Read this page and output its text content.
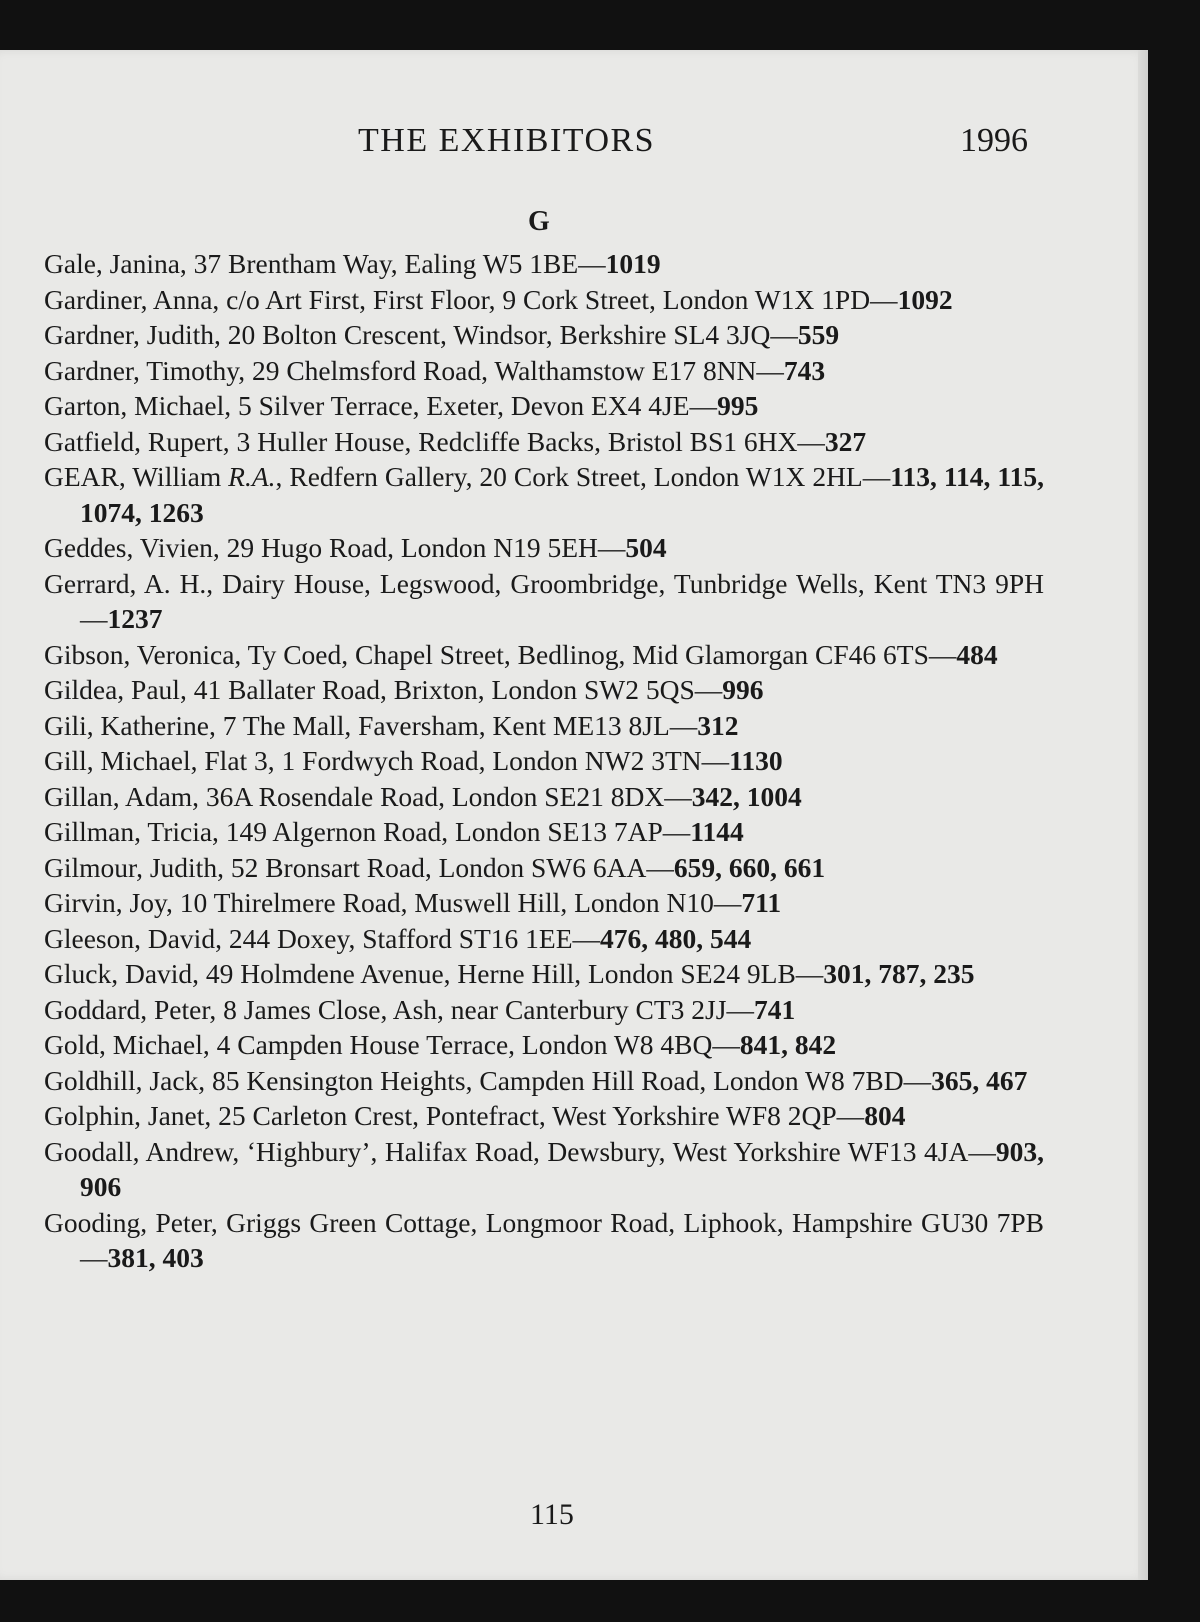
THE EXHIBITORS	1996
G

Gale, Janina, 37 Brentham Way, Ealing W5 1BE—1019

Gardiner, Anna, c/o Art First, First Floor, 9 Cork Street, London W1X 1PD—1092

Gardner, Judith, 20 Bolton Crescent, Windsor, Berkshire SL4 3JQ—559

Gardner, Timothy, 29 Chelmsford Road, Walthamstow E17 8NN—743

Garton, Michael, 5 Silver Terrace, Exeter, Devon EX4 4JE—995

Gatfield, Rupert, 3 Huller House, Redcliffe Backs, Bristol BS1 6HX—327

GEAR, William R.A., Redfern Gallery, 20 Cork Street, London W1X 2HL—113, 114, 115, 1074, 1263

Geddes, Vivien, 29 Hugo Road, London N19 5EH—504

Gerrard, A. H., Dairy House, Legswood, Groombridge, Tunbridge Wells, Kent TN3 9PH—1237

Gibson, Veronica, Ty Coed, Chapel Street, Bedlinog, Mid Glamorgan CF46 6TS—484

Gildea, Paul, 41 Ballater Road, Brixton, London SW2 5QS—996

Gili, Katherine, 7 The Mall, Faversham, Kent ME13 8JL—312

Gill, Michael, Flat 3, 1 Fordwych Road, London NW2 3TN—1130

Gillan, Adam, 36A Rosendale Road, London SE21 8DX—342, 1004

Gillman, Tricia, 149 Algernon Road, London SE13 7AP—1144

Gilmour, Judith, 52 Bronsart Road, London SW6 6AA—659, 660, 661

Girvin, Joy, 10 Thirelmere Road, Muswell Hill, London N10—711

Gleeson, David, 244 Doxey, Stafford ST16 1EE—476, 480, 544

Gluck, David, 49 Holmdene Avenue, Herne Hill, London SE24 9LB—301, 787, 235

Goddard, Peter, 8 James Close, Ash, near Canterbury CT3 2JJ—741

Gold, Michael, 4 Campden House Terrace, London W8 4BQ—841, 842

Goldhill, Jack, 85 Kensington Heights, Campden Hill Road, London W8 7BD—365, 467

Golphin, Janet, 25 Carleton Crest, Pontefract, West Yorkshire WF8 2QP—804

Goodall, Andrew, ‘Highbury’, Halifax Road, Dewsbury, West Yorkshire WF13 4JA—903, 906

Gooding, Peter, Griggs Green Cottage, Longmoor Road, Liphook, Hampshire GU30 7PB—381, 403

115
